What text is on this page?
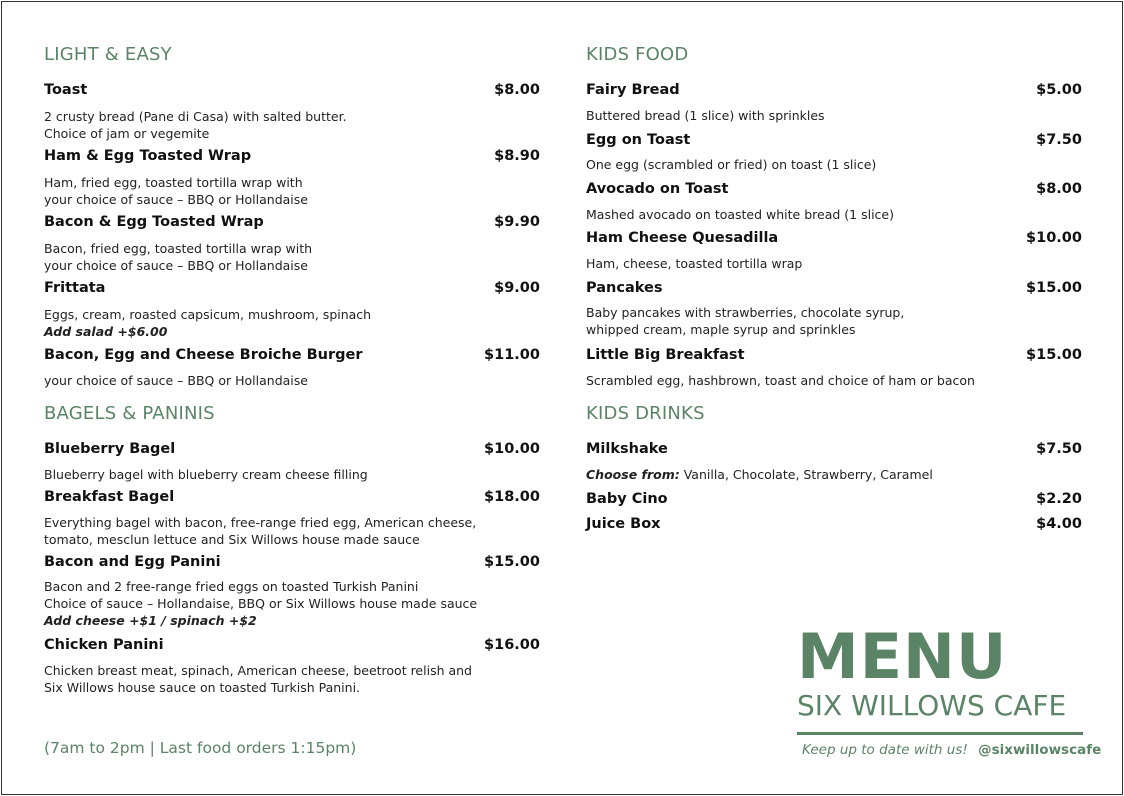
LIGHT & EASY
Toast	$8.00
2 crusty bread (Pane di Casa) with salted butter.
Choice of jam or vegemite
Ham & Egg Toasted Wrap	$8.90
Ham, fried egg, toasted tortilla wrap with
your choice of sauce – BBQ or Hollandaise
Bacon & Egg Toasted Wrap	$9.90
Bacon, fried egg, toasted tortilla wrap with
your choice of sauce – BBQ or Hollandaise
Frittata	$9.00
Eggs, cream, roasted capsicum, mushroom, spinach
Add salad +$6.00
Bacon, Egg and Cheese Broiche Burger	$11.00
your choice of sauce – BBQ or Hollandaise
BAGELS & PANINIS
Blueberry Bagel	$10.00
Blueberry bagel with blueberry cream cheese filling
Breakfast Bagel	$18.00
Everything bagel with bacon, free-range fried egg, American cheese,
tomato, mesclun lettuce and Six Willows house made sauce
Bacon and Egg Panini	$15.00
Bacon and 2 free-range fried eggs on toasted Turkish Panini
Choice of sauce – Hollandaise, BBQ or Six Willows house made sauce
Add cheese +$1 / spinach +$2
Chicken Panini	$16.00
Chicken breast meat, spinach, American cheese, beetroot relish and
Six Willows house sauce on toasted Turkish Panini.
KIDS FOOD
Fairy Bread	$5.00
Buttered bread (1 slice) with sprinkles
Egg on Toast	$7.50
One egg (scrambled or fried) on toast (1 slice)
Avocado on Toast	$8.00
Mashed avocado on toasted white bread (1 slice)
Ham Cheese Quesadilla	$10.00
Ham, cheese, toasted tortilla wrap
Pancakes	$15.00
Baby pancakes with strawberries, chocolate syrup,
whipped cream, maple syrup and sprinkles
Little Big Breakfast	$15.00
Scrambled egg, hashbrown, toast and choice of ham or bacon
KIDS DRINKS
Milkshake	$7.50
Choose from: Vanilla, Chocolate, Strawberry, Caramel
Baby Cino	$2.20
Juice Box	$4.00
(7am to 2pm | Last food orders 1:15pm)
MENU
SIX WILLOWS CAFE
Keep up to date with us! @sixwillowscafe
